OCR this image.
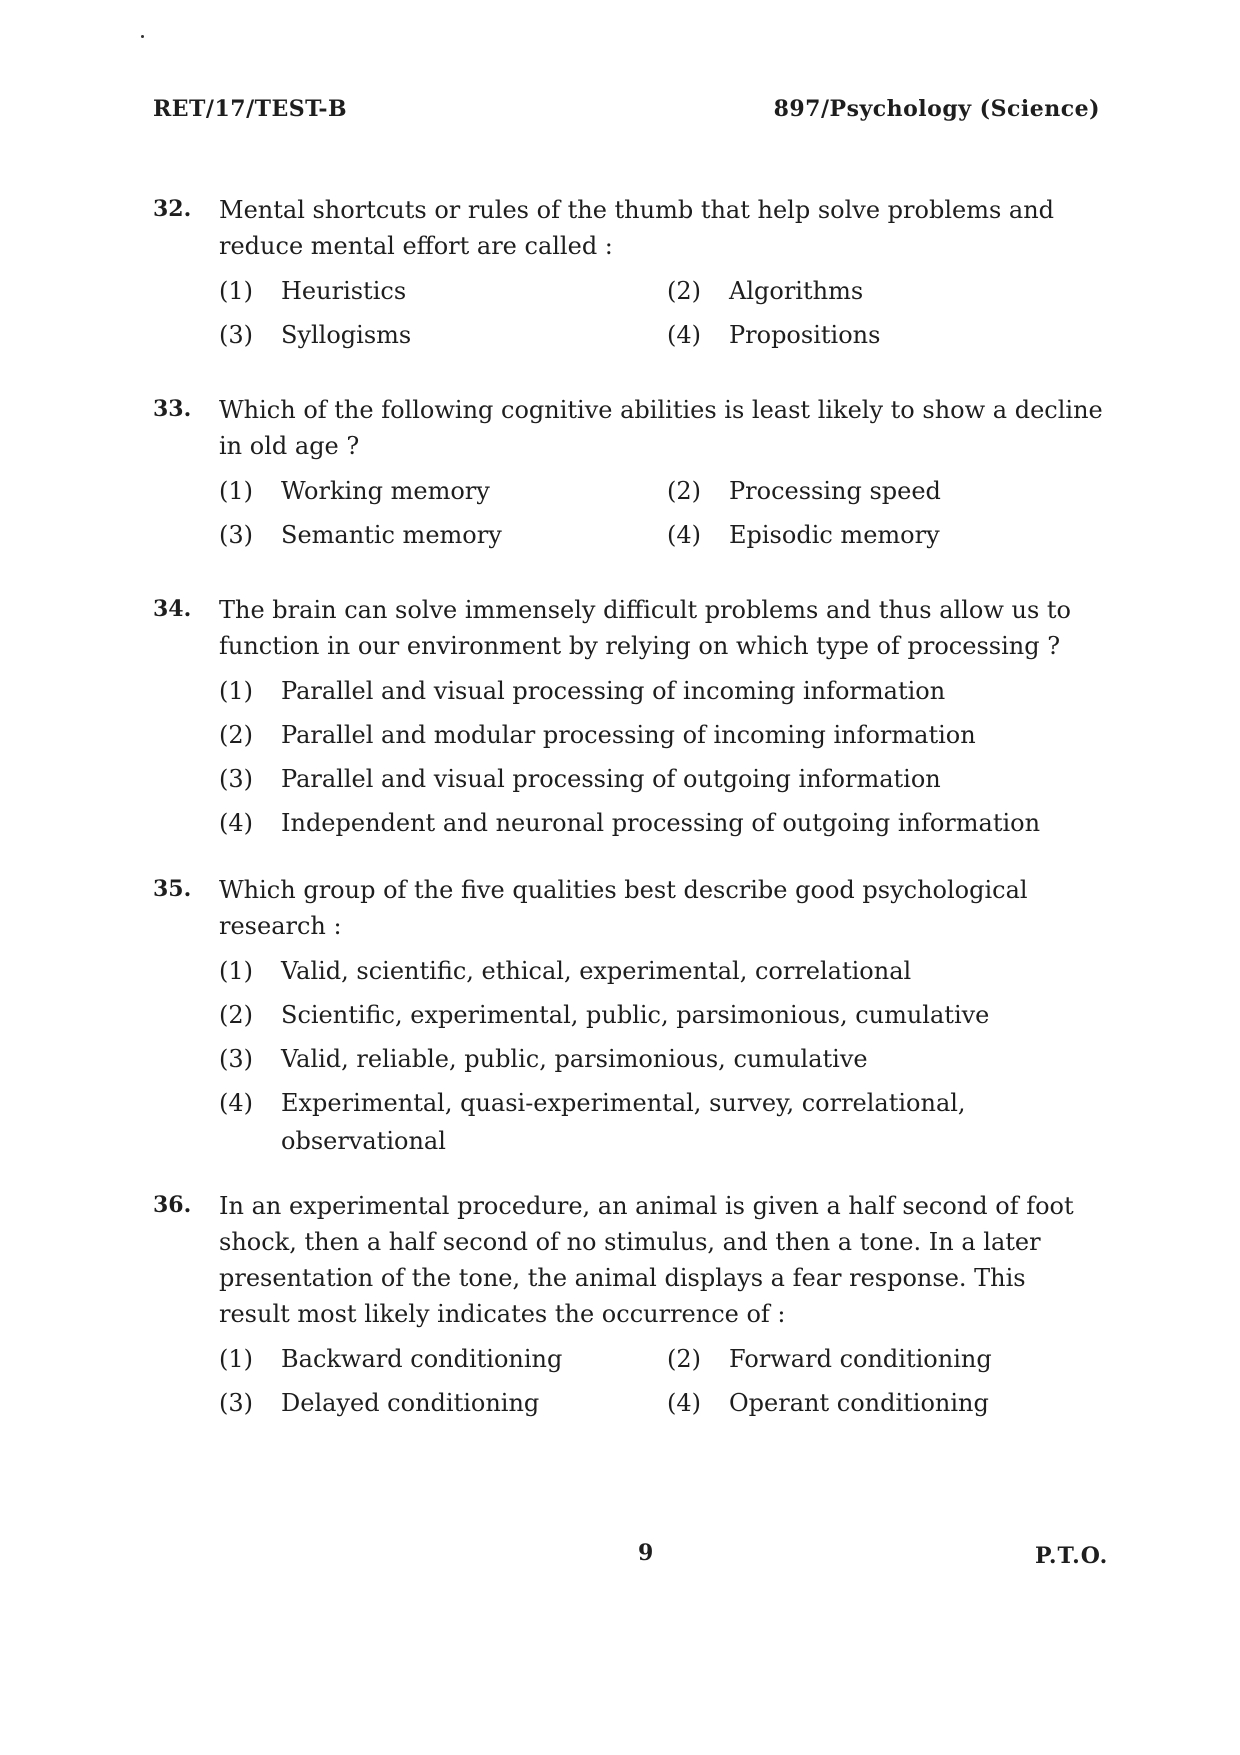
RET/17/TEST-B	897/Psychology (Science)
32. Mental shortcuts or rules of the thumb that help solve problems and reduce mental effort are called :
(1)	Heuristics	(2)	Algorithms
(3)	Syllogisms	(4)	Propositions
33. Which of the following cognitive abilities is least likely to show a decline in old age ?
(1)	Working memory	(2)	Processing speed
(3)	Semantic memory	(4)	Episodic memory
34. The brain can solve immensely difficult problems and thus allow us to function in our environment by relying on which type of processing ?
(1)	Parallel and visual processing of incoming information
(2)	Parallel and modular processing of incoming information
(3)	Parallel and visual processing of outgoing information
(4)	Independent and neuronal processing of outgoing information
35. Which group of the five qualities best describe good psychological research :
(1)	Valid, scientific, ethical, experimental, correlational
(2)	Scientific, experimental, public, parsimonious, cumulative
(3)	Valid, reliable, public, parsimonious, cumulative
(4)	Experimental, quasi-experimental, survey, correlational, observational
36. In an experimental procedure, an animal is given a half second of foot shock, then a half second of no stimulus, and then a tone. In a later presentation of the tone, the animal displays a fear response. This result most likely indicates the occurrence of :
(1)	Backward conditioning	(2)	Forward conditioning
(3)	Delayed conditioning	(4)	Operant conditioning
9	P.T.O.
